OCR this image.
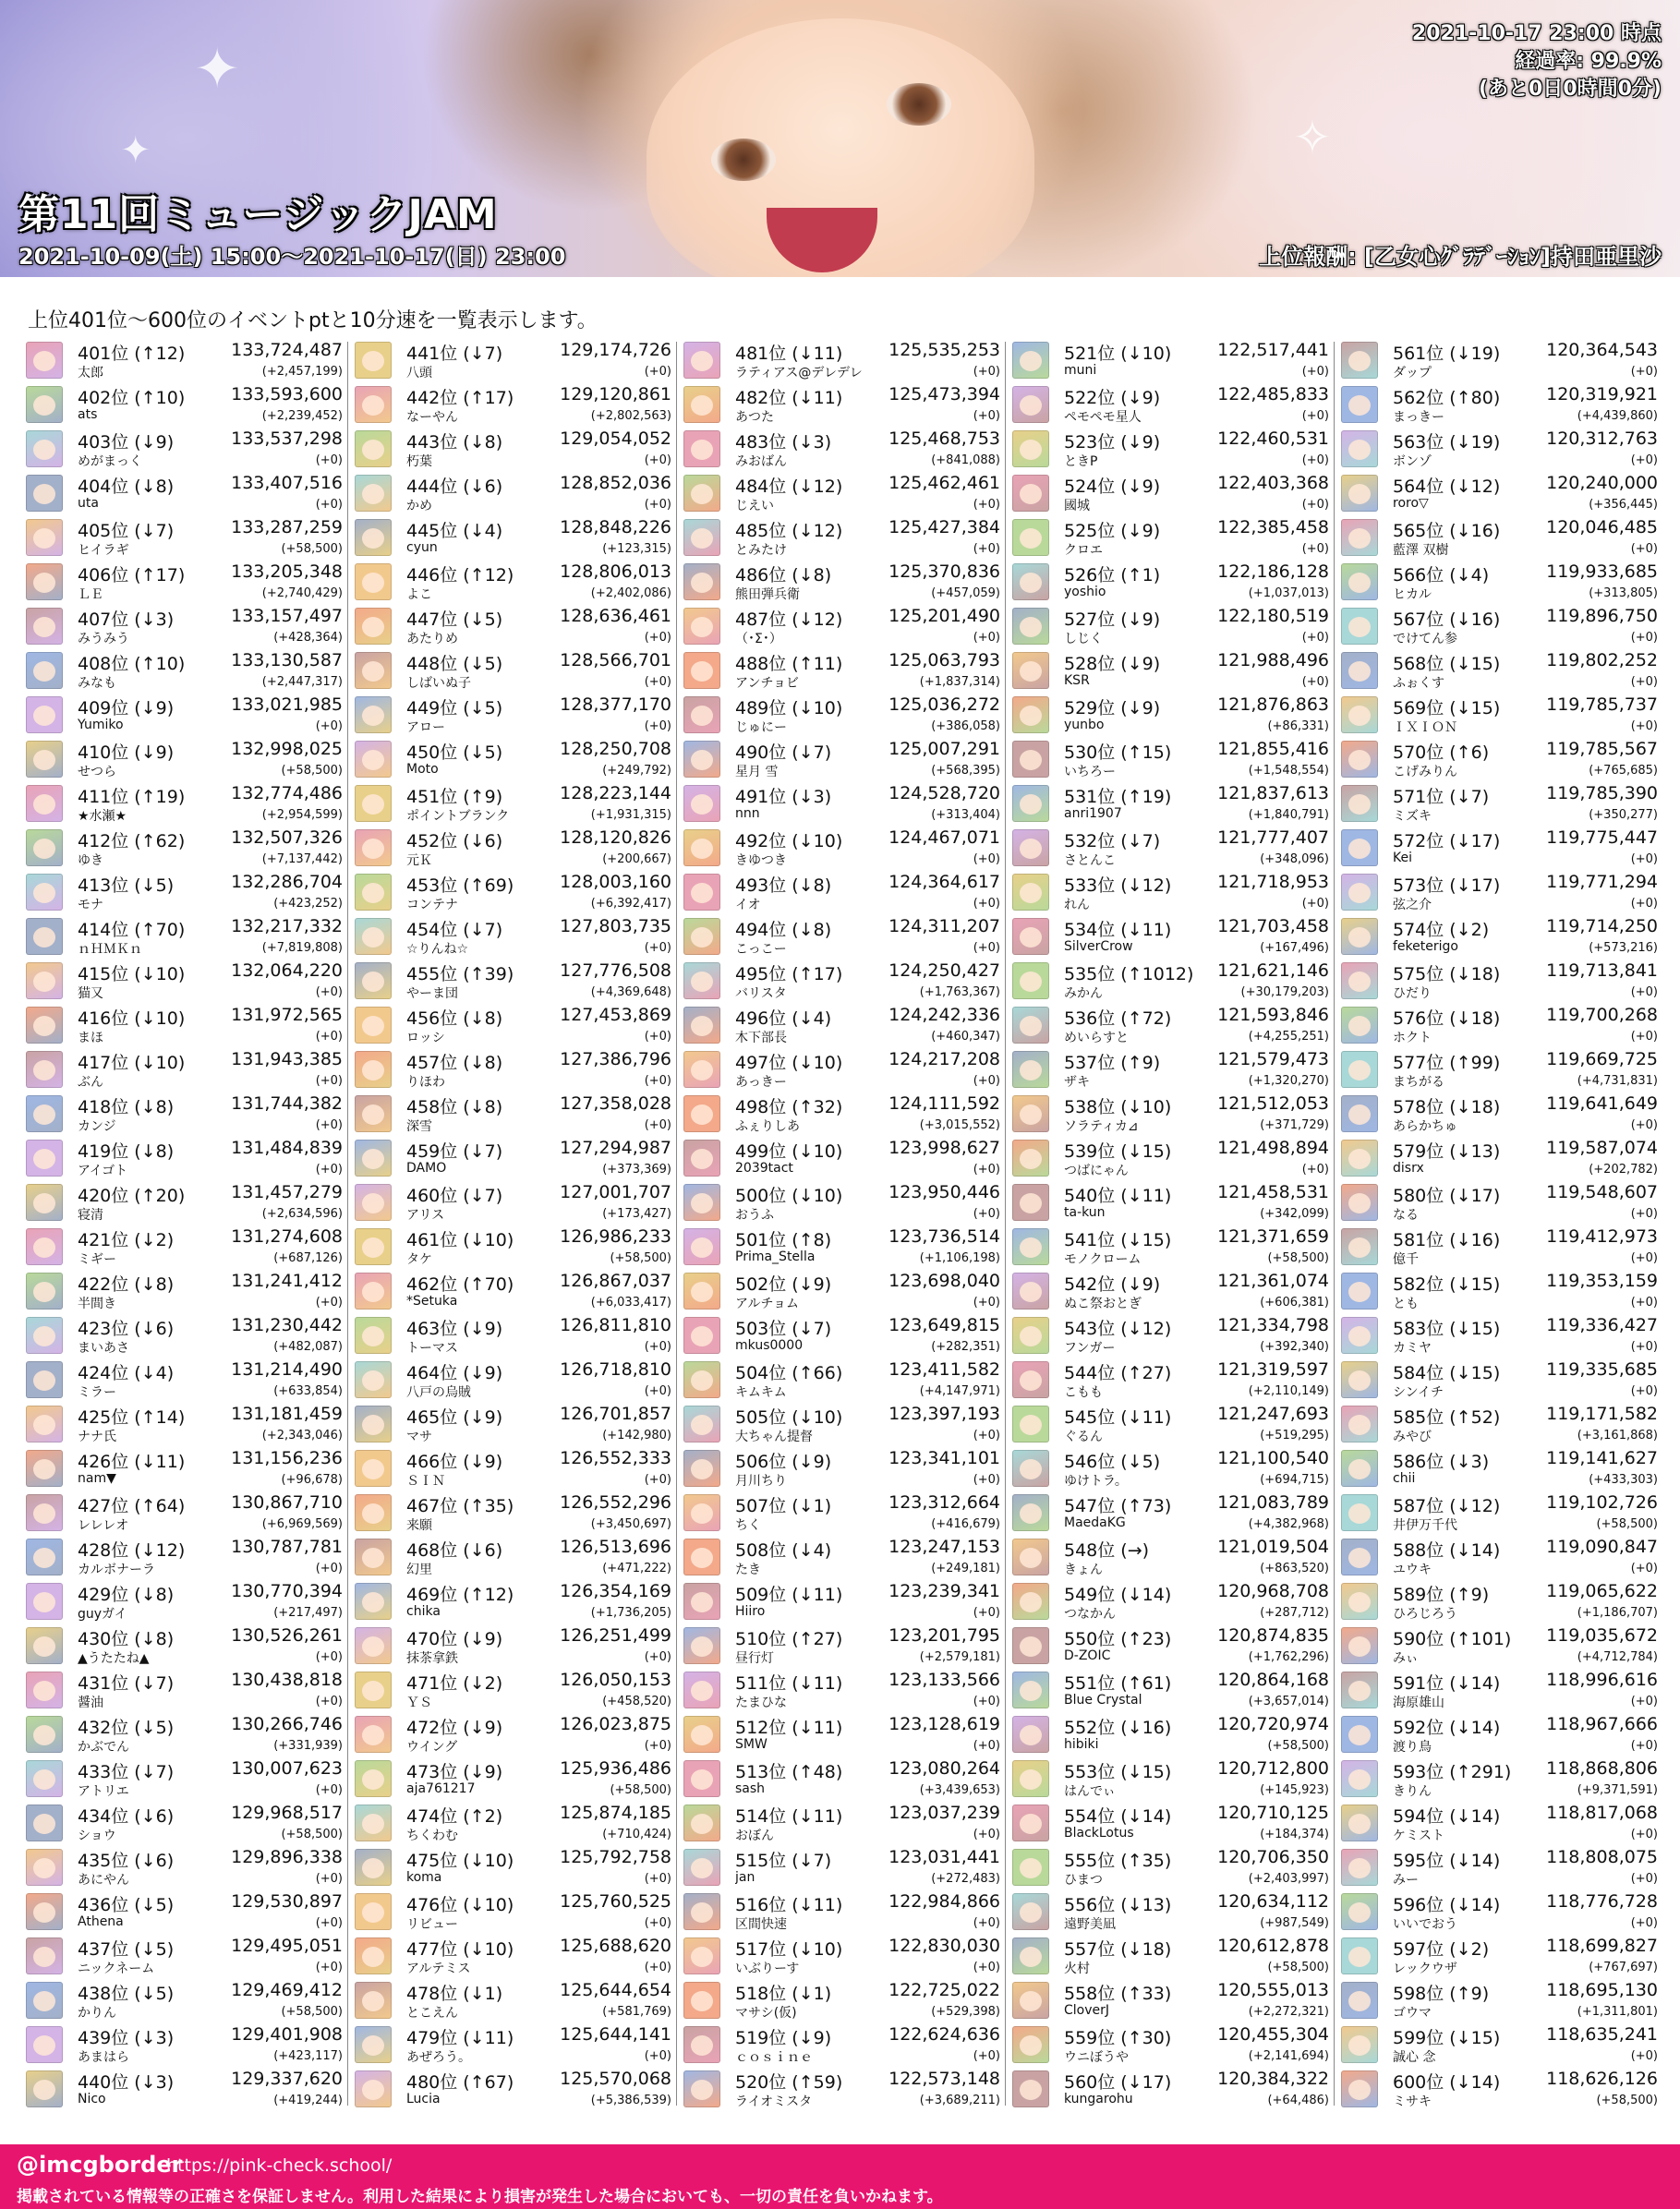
✦
✦	✧
第11回ミュージックJAM
2021-10-09(土) 15:00～2021-10-17(日) 23:00	上位報酬: [乙女心ｸﾞﾗﾃﾞｰｼｮﾝ]持田亜里沙
2021-10-17 23:00 時点
経過率: 99.9%
(あと0日0時間0分)
上位401位～600位のイベントptと10分速を一覧表示します。
401位 (↑12)	133,724,487
太郎	(+2,457,199)
402位 (↑10)	133,593,600
ats	(+2,239,452)
403位 (↓9)	133,537,298
めがまっく	(+0)
404位 (↓8)	133,407,516
uta	(+0)
405位 (↓7)	133,287,259
ヒイラギ	(+58,500)
406位 (↑17)	133,205,348
ＬＥ	(+2,740,429)
407位 (↓3)	133,157,497
みうみう	(+428,364)
408位 (↑10)	133,130,587
みなも	(+2,447,317)
409位 (↓9)	133,021,985
Yumiko	(+0)
410位 (↓9)	132,998,025
せつら	(+58,500)
411位 (↑19)	132,774,486
★水瀬★	(+2,954,599)
412位 (↑62)	132,507,326
ゆき	(+7,137,442)
413位 (↓5)	132,286,704
モナ	(+423,252)
414位 (↑70)	132,217,332
ｎＨＭＫｎ	(+7,819,808)
415位 (↓10)	132,064,220
猫又	(+0)
416位 (↓10)	131,972,565
まほ	(+0)
417位 (↓10)	131,943,385
ぶん	(+0)
418位 (↓8)	131,744,382
カンジ	(+0)
419位 (↓8)	131,484,839
アイゴト	(+0)
420位 (↑20)	131,457,279
寝清	(+2,634,596)
421位 (↓2)	131,274,608
ミギー	(+687,126)
422位 (↓8)	131,241,412
半間き	(+0)
423位 (↓6)	131,230,442
まいあさ	(+482,087)
424位 (↓4)	131,214,490
ミラー	(+633,854)
425位 (↑14)	131,181,459
ナナ氏	(+2,343,046)
426位 (↓11)	131,156,236
nam▼	(+96,678)
427位 (↑64)	130,867,710
レレレオ	(+6,969,569)
428位 (↓12)	130,787,781
カルボナーラ	(+0)
429位 (↓8)	130,770,394
guyガイ	(+217,497)
430位 (↓8)	130,526,261
▲うたたね▲	(+0)
431位 (↓7)	130,438,818
醤油	(+0)
432位 (↓5)	130,266,746
かぶでん	(+331,939)
433位 (↓7)	130,007,623
アトリエ	(+0)
434位 (↓6)	129,968,517
ショウ	(+58,500)
435位 (↓6)	129,896,338
あにやん	(+0)
436位 (↓5)	129,530,897
Athena	(+0)
437位 (↓5)	129,495,051
ニックネーム	(+0)
438位 (↓5)	129,469,412
かりん	(+58,500)
439位 (↓3)	129,401,908
あまはら	(+423,117)
440位 (↓3)	129,337,620
Nico	(+419,244)
441位 (↓7)	129,174,726
八頭	(+0)
442位 (↑17)	129,120,861
なーやん	(+2,802,563)
443位 (↓8)	129,054,052
朽葉	(+0)
444位 (↓6)	128,852,036
かめ	(+0)
445位 (↓4)	128,848,226
cyun	(+123,315)
446位 (↑12)	128,806,013
よこ	(+2,402,086)
447位 (↓5)	128,636,461
あたりめ	(+0)
448位 (↓5)	128,566,701
しばいぬ子	(+0)
449位 (↓5)	128,377,170
アロー	(+0)
450位 (↓5)	128,250,708
Moto	(+249,792)
451位 (↑9)	128,223,144
ポイントブランク	(+1,931,315)
452位 (↓6)	128,120,826
元Ｋ	(+200,667)
453位 (↑69)	128,003,160
コンテナ	(+6,392,417)
454位 (↓7)	127,803,735
☆りんね☆	(+0)
455位 (↑39)	127,776,508
やーま団	(+4,369,648)
456位 (↓8)	127,453,869
ロッシ	(+0)
457位 (↓8)	127,386,796
りほわ	(+0)
458位 (↓8)	127,358,028
深雪	(+0)
459位 (↓7)	127,294,987
DAMO	(+373,369)
460位 (↓7)	127,001,707
アリス	(+173,427)
461位 (↓10)	126,986,233
タケ	(+58,500)
462位 (↑70)	126,867,037
*Setuka	(+6,033,417)
463位 (↓9)	126,811,810
トーマス	(+0)
464位 (↓9)	126,718,810
八戸の烏賊	(+0)
465位 (↓9)	126,701,857
マサ	(+142,980)
466位 (↓9)	126,552,333
ＳＩＮ	(+0)
467位 (↑35)	126,552,296
来願	(+3,450,697)
468位 (↓6)	126,513,696
幻里	(+471,222)
469位 (↑12)	126,354,169
chika	(+1,736,205)
470位 (↓9)	126,251,499
抹茶拿鉄	(+0)
471位 (↓2)	126,050,153
ＹＳ	(+458,520)
472位 (↓9)	126,023,875
ウイング	(+0)
473位 (↓9)	125,936,486
aja761217	(+58,500)
474位 (↑2)	125,874,185
ちくわむ	(+710,424)
475位 (↓10)	125,792,758
koma	(+0)
476位 (↓10)	125,760,525
リビュー	(+0)
477位 (↓10)	125,688,620
アルテミス	(+0)
478位 (↓1)	125,644,654
とこえん	(+581,769)
479位 (↓11)	125,644,141
あぜろう。	(+0)
480位 (↑67)	125,570,068
Lucia	(+5,386,539)
481位 (↓11)	125,535,253
ラティアス@デレデレ	(+0)
482位 (↓11)	125,473,394
あつた	(+0)
483位 (↓3)	125,468,753
みおばん	(+841,088)
484位 (↓12)	125,462,461
じえい	(+0)
485位 (↓12)	125,427,384
とみたけ	(+0)
486位 (↓8)	125,370,836
熊田弾兵衛	(+457,059)
487位 (↓12)	125,201,490
（･Σ･）	(+0)
488位 (↑11)	125,063,793
アンチョビ	(+1,837,314)
489位 (↓10)	125,036,272
じゅにー	(+386,058)
490位 (↓7)	125,007,291
星月 雪	(+568,395)
491位 (↓3)	124,528,720
nnn	(+313,404)
492位 (↓10)	124,467,071
きゆつき	(+0)
493位 (↓8)	124,364,617
イオ	(+0)
494位 (↓8)	124,311,207
こっこー	(+0)
495位 (↑17)	124,250,427
バリスタ	(+1,763,367)
496位 (↓4)	124,242,336
木下部長	(+460,347)
497位 (↓10)	124,217,208
あっきー	(+0)
498位 (↑32)	124,111,592
ふぇりしあ	(+3,015,552)
499位 (↓10)	123,998,627
2039tact	(+0)
500位 (↓10)	123,950,446
おうふ	(+0)
501位 (↑8)	123,736,514
Prima_Stella	(+1,106,198)
502位 (↓9)	123,698,040
アルチョム	(+0)
503位 (↓7)	123,649,815
mkus0000	(+282,351)
504位 (↑66)	123,411,582
キムキム	(+4,147,971)
505位 (↓10)	123,397,193
大ちゃん提督	(+0)
506位 (↓9)	123,341,101
月川ちり	(+0)
507位 (↓1)	123,312,664
ちく	(+416,679)
508位 (↓4)	123,247,153
たき	(+249,181)
509位 (↓11)	123,239,341
Hiiro	(+0)
510位 (↑27)	123,201,795
昼行灯	(+2,579,181)
511位 (↓11)	123,133,566
たまひな	(+0)
512位 (↓11)	123,128,619
SMW	(+0)
513位 (↑48)	123,080,264
sash	(+3,439,653)
514位 (↓11)	123,037,239
おぼん	(+0)
515位 (↓7)	123,031,441
jan	(+272,483)
516位 (↓11)	122,984,866
区間快速	(+0)
517位 (↓10)	122,830,030
いぶりーす	(+0)
518位 (↓1)	122,725,022
マサシ(仮)	(+529,398)
519位 (↓9)	122,624,636
ｃｏｓｉｎｅ	(+0)
520位 (↑59)	122,573,148
ライオミスタ	(+3,689,211)
521位 (↓10)	122,517,441
muni	(+0)
522位 (↓9)	122,485,833
ペモペモ星人	(+0)
523位 (↓9)	122,460,531
ときP	(+0)
524位 (↓9)	122,403,368
國城	(+0)
525位 (↓9)	122,385,458
クロエ	(+0)
526位 (↑1)	122,186,128
yoshio	(+1,037,013)
527位 (↓9)	122,180,519
しじく	(+0)
528位 (↓9)	121,988,496
KSR	(+0)
529位 (↓9)	121,876,863
yunbo	(+86,331)
530位 (↑15)	121,855,416
いちろー	(+1,548,554)
531位 (↑19)	121,837,613
anri1907	(+1,840,791)
532位 (↓7)	121,777,407
さとんこ	(+348,096)
533位 (↓12)	121,718,953
れん	(+0)
534位 (↓11)	121,703,458
SilverCrow	(+167,496)
535位 (↑1012) 121,621,146
みかん	(+30,179,203)
536位 (↑72)	121,593,846
めいらすと	(+4,255,251)
537位 (↑9)	121,579,473
ザキ	(+1,320,270)
538位 (↓10)	121,512,053
ソラティカ⊿	(+371,729)
539位 (↓15)	121,498,894
つばにゃん	(+0)
540位 (↓11)	121,458,531
ta-kun	(+342,099)
541位 (↓15)	121,371,659
モノクローム	(+58,500)
542位 (↓9)	121,361,074
ぬこ祭おとぎ	(+606,381)
543位 (↓12)	121,334,798
フンガー	(+392,340)
544位 (↑27)	121,319,597
こもも	(+2,110,149)
545位 (↓11)	121,247,693
ぐるん	(+519,295)
546位 (↓5)	121,100,540
ゆけトラ。	(+694,715)
547位 (↑73)	121,083,789
MaedaKG	(+4,382,968)
548位 (→)	121,019,504
きょん	(+863,520)
549位 (↓14)	120,968,708
つなかん	(+287,712)
550位 (↑23)	120,874,835
D-ZOIC	(+1,762,296)
551位 (↑61)	120,864,168
Blue Crystal	(+3,657,014)
552位 (↓16)	120,720,974
hibiki	(+58,500)
553位 (↓15)	120,712,800
はんでぃ	(+145,923)
554位 (↓14)	120,710,125
BlackLotus	(+184,374)
555位 (↑35)	120,706,350
ひまつ	(+2,403,997)
556位 (↓13)	120,634,112
遠野美凪	(+987,549)
557位 (↓18)	120,612,878
火村	(+58,500)
558位 (↑33)	120,555,013
CloverJ	(+2,272,321)
559位 (↑30)	120,455,304
ウニぼうや	(+2,141,694)
560位 (↓17)	120,384,322
kungarohu	(+64,486)
561位 (↓19)	120,364,543
ダップ	(+0)
562位 (↑80)	120,319,921
まっきー	(+4,439,860)
563位 (↓19)	120,312,763
ボンゾ	(+0)
564位 (↓12)	120,240,000
roro▽	(+356,445)
565位 (↓16)	120,046,485
藍澤 双樹	(+0)
566位 (↓4)	119,933,685
ヒカル	(+313,805)
567位 (↓16)	119,896,750
でけてん参	(+0)
568位 (↓15)	119,802,252
ふぉくす	(+0)
569位 (↓15)	119,785,737
ＩＸＩＯＮ	(+0)
570位 (↑6)	119,785,567
こげみりん	(+765,685)
571位 (↓7)	119,785,390
ミズキ	(+350,277)
572位 (↓17)	119,775,447
Kei	(+0)
573位 (↓17)	119,771,294
弦之介	(+0)
574位 (↓2)	119,714,250
feketerigo	(+573,216)
575位 (↓18)	119,713,841
ひだり	(+0)
576位 (↓18)	119,700,268
ホクト	(+0)
577位 (↑99)	119,669,725
まちがる	(+4,731,831)
578位 (↓18)	119,641,649
あらかちゅ	(+0)
579位 (↓13)	119,587,074
disrx	(+202,782)
580位 (↓17)	119,548,607
なる	(+0)
581位 (↓16)	119,412,973
億千	(+0)
582位 (↓15)	119,353,159
とも	(+0)
583位 (↓15)	119,336,427
カミヤ	(+0)
584位 (↓15)	119,335,685
シンイチ	(+0)
585位 (↑52)	119,171,582
みやび	(+3,161,868)
586位 (↓3)	119,141,627
chii	(+433,303)
587位 (↓12)	119,102,726
井伊万千代	(+58,500)
588位 (↓14)	119,090,847
ユウキ	(+0)
589位 (↑9)	119,065,622
ひろじろう	(+1,186,707)
590位 (↑101) 119,035,672
みぃ	(+4,712,784)
591位 (↓14)	118,996,616
海原雄山	(+0)
592位 (↓14)	118,967,666
渡り鳥	(+0)
593位 (↑291) 118,868,806
きりん	(+9,371,591)
594位 (↓14)	118,817,068
ケミスト	(+0)
595位 (↓14)	118,808,075
みー	(+0)
596位 (↓14)	118,776,728
いいでおう	(+0)
597位 (↓2)	118,699,827
レックウザ	(+767,697)
598位 (↑9)	118,695,130
ゴウマ	(+1,311,801)
599位 (↓15)	118,635,241
誠心 念	(+0)
600位 (↓14)	118,626,126
ミサキ	(+58,500)
@imcgborder
https://pink-check.school/
掲載されている情報等の正確さを保証しません。利用した結果により損害が発生した場合においても、一切の責任を負いかねます。
